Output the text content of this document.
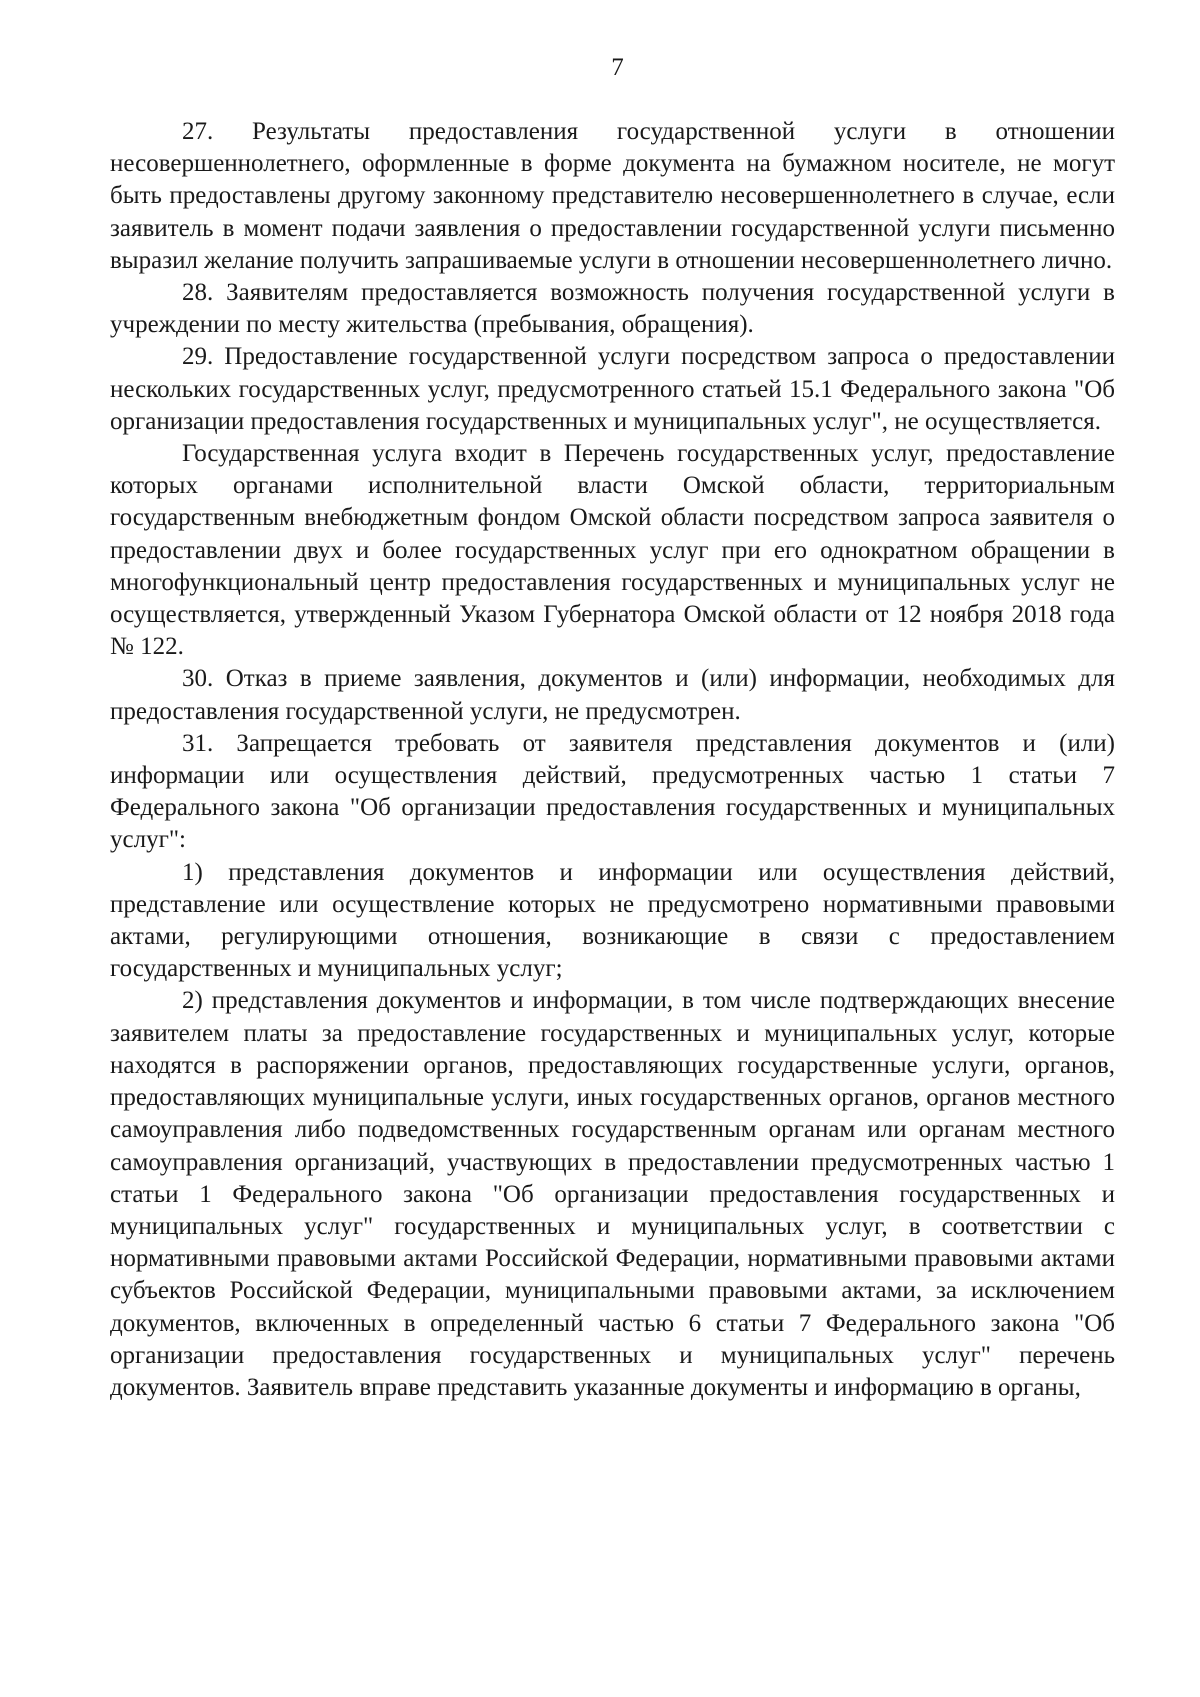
7

27. Результаты предоставления государственной услуги в отношении несовершеннолетнего, оформленные в форме документа на бумажном носителе, не могут быть предоставлены другому законному представителю несовершеннолетнего в случае, если заявитель в момент подачи заявления о предоставлении государственной услуги письменно выразил желание получить запрашиваемые услуги в отношении несовершеннолетнего лично.

28. Заявителям предоставляется возможность получения государственной услуги в учреждении по месту жительства (пребывания, обращения).

29. Предоставление государственной услуги посредством запроса о предоставлении нескольких государственных услуг, предусмотренного статьей 15.1 Федерального закона "Об организации предоставления государственных и муниципальных услуг", не осуществляется.

Государственная услуга входит в Перечень государственных услуг, предоставление которых органами исполнительной власти Омской области, территориальным государственным внебюджетным фондом Омской области посредством запроса заявителя о предоставлении двух и более государственных услуг при его однократном обращении в многофункциональный центр предоставления государственных и муниципальных услуг не осуществляется, утвержденный Указом Губернатора Омской области от 12 ноября 2018 года № 122.

30. Отказ в приеме заявления, документов и (или) информации, необходимых для предоставления государственной услуги, не предусмотрен.

31. Запрещается требовать от заявителя представления документов и (или) информации или осуществления действий, предусмотренных частью 1 статьи 7 Федерального закона "Об организации предоставления государственных и муниципальных услуг":

1) представления документов и информации или осуществления действий, представление или осуществление которых не предусмотрено нормативными правовыми актами, регулирующими отношения, возникающие в связи с предоставлением государственных и муниципальных услуг;

2) представления документов и информации, в том числе подтверждающих внесение заявителем платы за предоставление государственных и муниципальных услуг, которые находятся в распоряжении органов, предоставляющих государственные услуги, органов, предоставляющих муниципальные услуги, иных государственных органов, органов местного самоуправления либо подведомственных государственным органам или органам местного самоуправления организаций, участвующих в предоставлении предусмотренных частью 1 статьи 1 Федерального закона "Об организации предоставления государственных и муниципальных услуг" государственных и муниципальных услуг, в соответствии с нормативными правовыми актами Российской Федерации, нормативными правовыми актами субъектов Российской Федерации, муниципальными правовыми актами, за исключением документов, включенных в определенный частью 6 статьи 7 Федерального закона "Об организации предоставления государственных и муниципальных услуг" перечень документов. Заявитель вправе представить указанные документы и информацию в органы,
